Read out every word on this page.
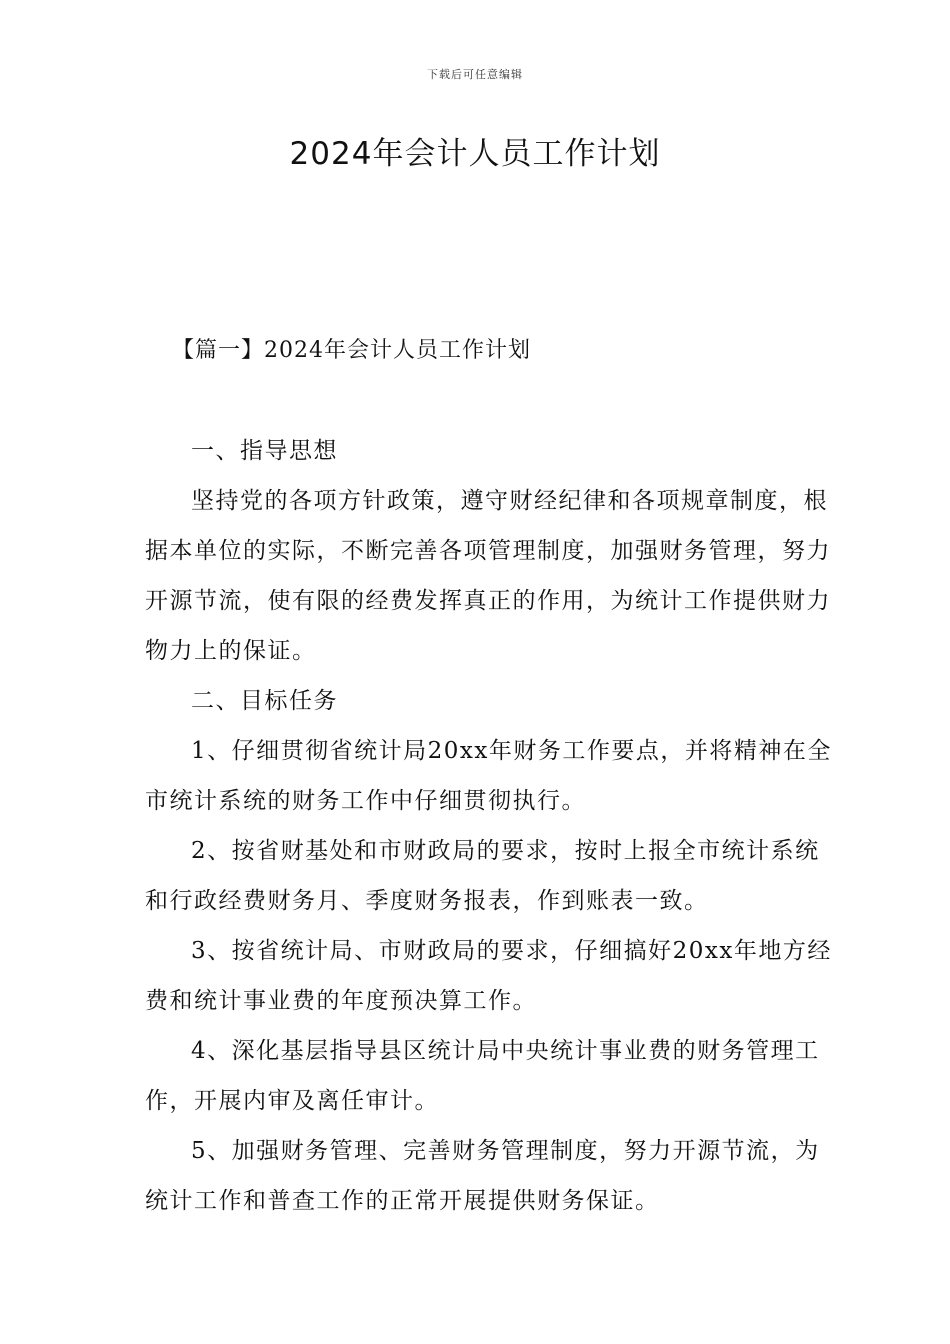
下载后可任意编辑
2024年会计人员工作计划
【篇一】2024年会计人员工作计划

一、指导思想

坚持党的各项方针政策，遵守财经纪律和各项规章制度，根据本单位的实际，不断完善各项管理制度，加强财务管理，努力开源节流，使有限的经费发挥真正的作用，为统计工作提供财力物力上的保证。

二、目标任务

1、仔细贯彻省统计局20xx年财务工作要点，并将精神在全市统计系统的财务工作中仔细贯彻执行。

2、按省财基处和市财政局的要求，按时上报全市统计系统和行政经费财务月、季度财务报表，作到账表一致。

3、按省统计局、市财政局的要求，仔细搞好20xx年地方经费和统计事业费的年度预决算工作。

4、深化基层指导县区统计局中央统计事业费的财务管理工作，开展内审及离任审计。

5、加强财务管理、完善财务管理制度，努力开源节流，为统计工作和普查工作的正常开展提供财务保证。
